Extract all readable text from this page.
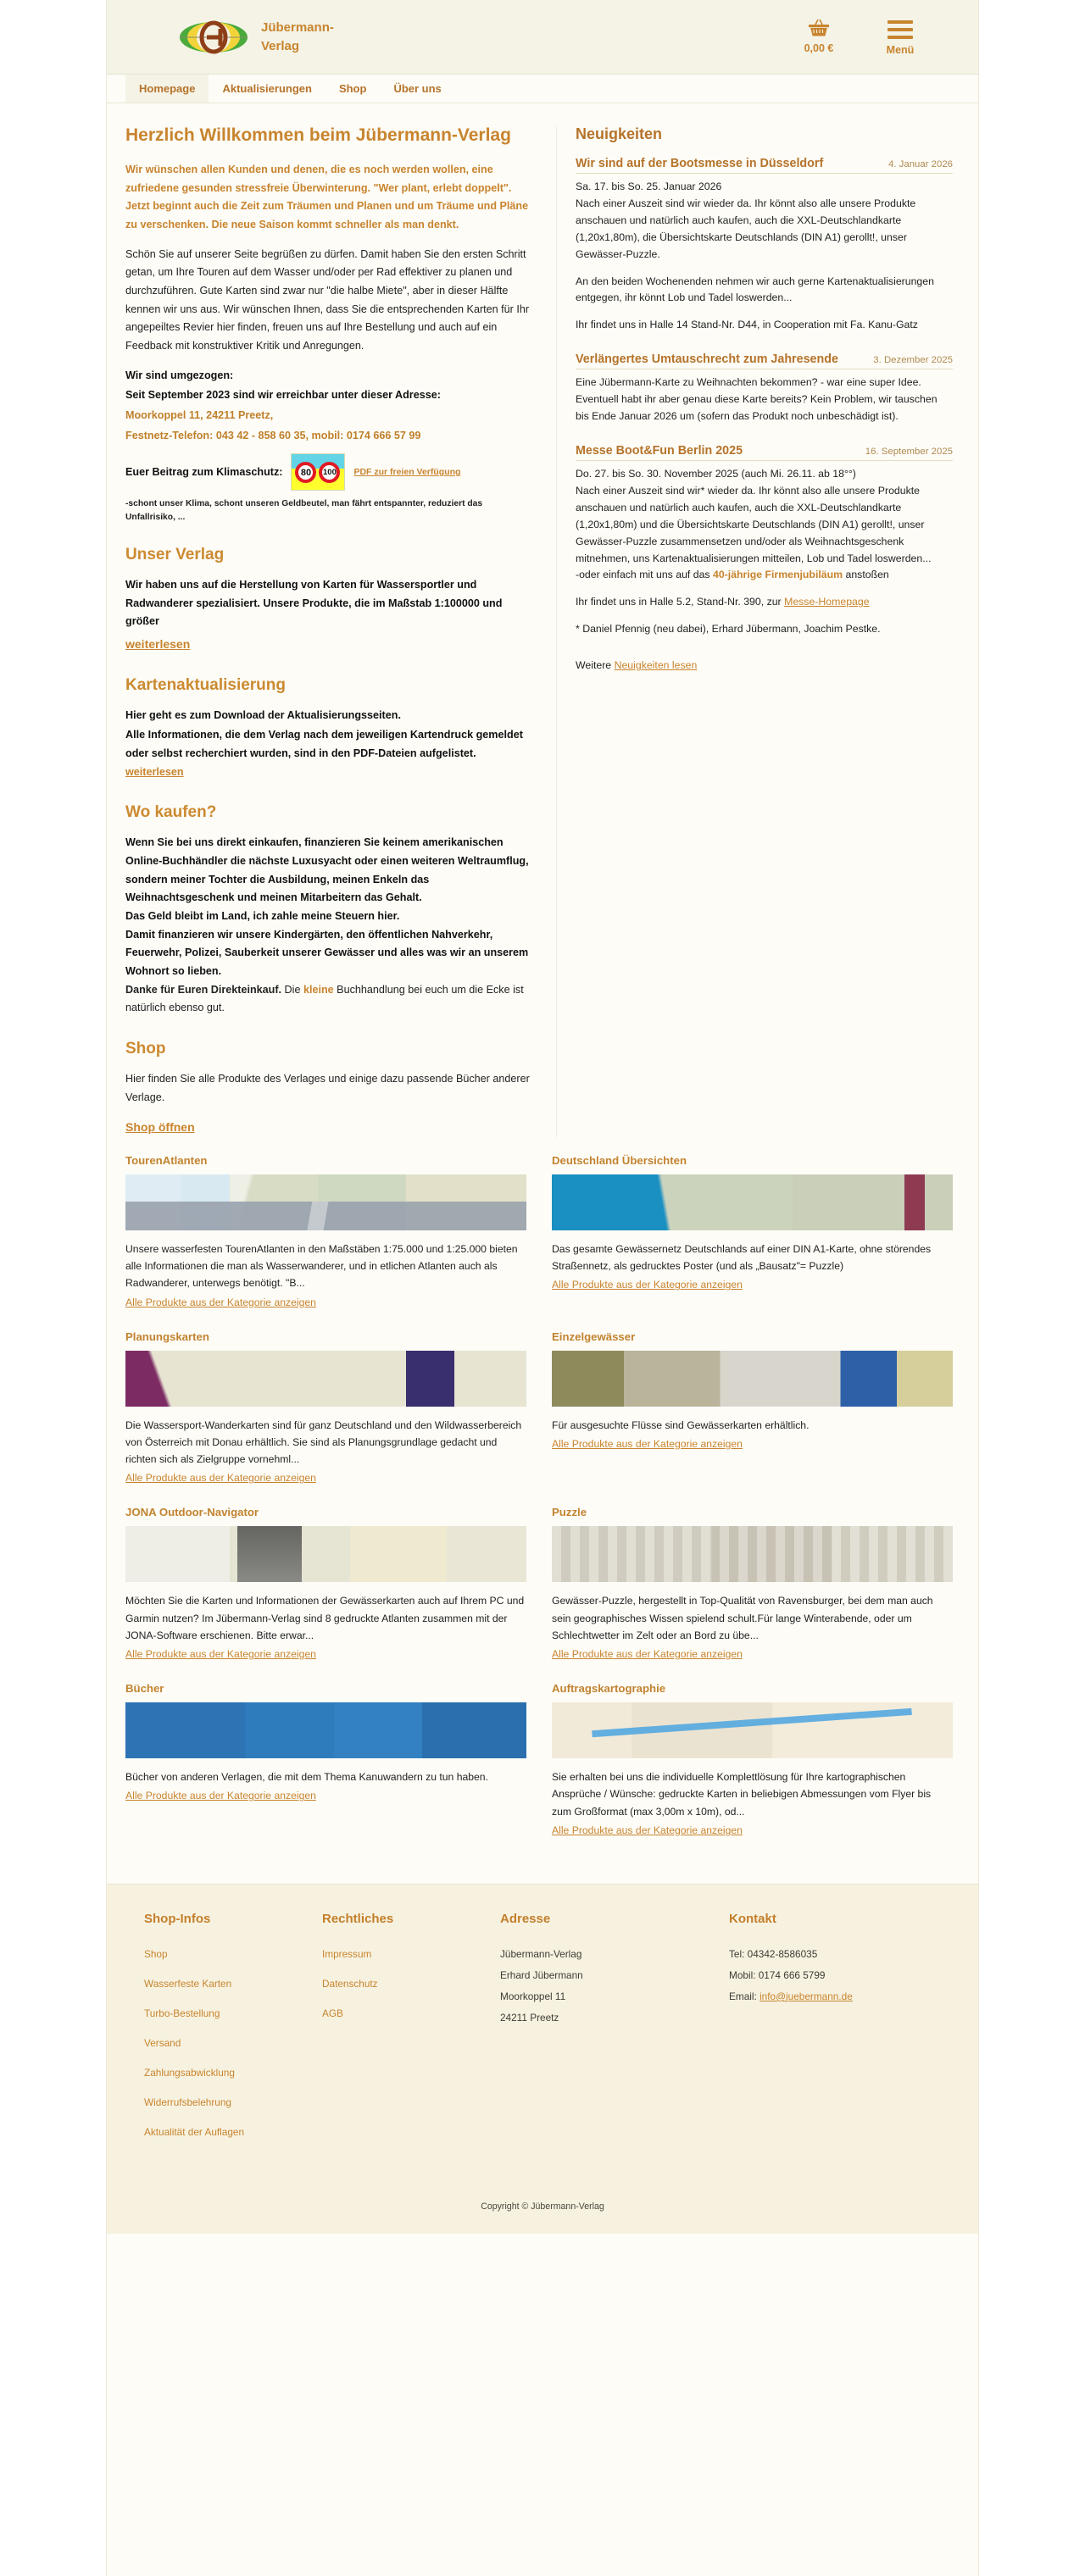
Jübermann-
Verlag	0,00 €	Menü
Homepage	Aktualisierungen	Shop	Über uns
Herzlich Willkommen beim Jübermann-Verlag

Wir wünschen allen Kunden und denen, die es noch werden wollen, eine zufriedene gesunden stressfreie Überwinterung. "Wer plant, erlebt doppelt". Jetzt beginnt auch die Zeit zum Träumen und Planen und um Träume und Pläne zu verschenken. Die neue Saison kommt schneller als man denkt.

Schön Sie auf unserer Seite begrüßen zu dürfen. Damit haben Sie den ersten Schritt getan, um Ihre Touren auf dem Wasser und/oder per Rad effektiver zu planen und durchzuführen. Gute Karten sind zwar nur "die halbe Miete", aber in dieser Hälfte kennen wir uns aus. Wir wünschen Ihnen, dass Sie die entsprechenden Karten für Ihr angepeiltes Revier hier finden, freuen uns auf Ihre Bestellung und auch auf ein Feedback mit konstruktiver Kritik und Anregungen.

Wir sind umgezogen:

Seit September 2023 sind wir erreichbar unter dieser Adresse:

Moorkoppel 11, 24211 Preetz,

Festnetz-Telefon: 043 42 - 858 60 35, mobil: 0174 666 57 99

Euer Beitrag zum Klimaschutz:	80	100	PDF zur freien Verfügung

-schont unser Klima, schont unseren Geldbeutel, man fährt entspannter, reduziert das Unfallrisiko, ...

Unser Verlag

Wir haben uns auf die Herstellung von Karten für Wassersportler und Radwanderer spezialisiert. Unsere Produkte, die im Maßstab 1:100000 und größer

weiterlesen

Kartenaktualisierung

Hier geht es zum Download der Aktualisierungsseiten.

Alle Informationen, die dem Verlag nach dem jeweiligen Kartendruck gemeldet oder selbst recherchiert wurden, sind in den PDF-Dateien aufgelistet. weiterlesen

Wo kaufen?

Wenn Sie bei uns direkt einkaufen, finanzieren Sie keinem amerikanischen Online-Buchhändler die nächste Luxusyacht oder einen weiteren Weltraumflug,

sondern meiner Tochter die Ausbildung, meinen Enkeln das Weihnachtsgeschenk und meinen Mitarbeitern das Gehalt.

Das Geld bleibt im Land, ich zahle meine Steuern hier.

Damit finanzieren wir unsere Kindergärten, den öffentlichen Nahverkehr, Feuerwehr, Polizei, Sauberkeit unserer Gewässer und alles was wir an unserem Wohnort so lieben.

Danke für Euren Direkteinkauf. Die kleine Buchhandlung bei euch um die Ecke ist natürlich ebenso gut.

Shop

Hier finden Sie alle Produkte des Verlages und einige dazu passende Bücher anderer Verlage.

Shop öffnen

Neuigkeiten
Wir sind auf der Bootsmesse in Düsseldorf	4. Januar 2026

Sa. 17. bis So. 25. Januar 2026

Nach einer Auszeit sind wir wieder da. Ihr könnt also alle unsere Produkte anschauen und natürlich auch kaufen, auch die XXL-Deutschlandkarte (1,20x1,80m), die Übersichtskarte Deutschlands (DIN A1) gerollt!, unser Gewässer-Puzzle.

An den beiden Wochenenden nehmen wir auch gerne Kartenaktualisierungen entgegen, ihr könnt Lob und Tadel loswerden...

Ihr findet uns in Halle 14 Stand-Nr. D44, in Cooperation mit Fa. Kanu-Gatz

Verlängertes Umtauschrecht zum Jahresende	3. Dezember 2025

Eine Jübermann-Karte zu Weihnachten bekommen? - war eine super Idee. Eventuell habt ihr aber genau diese Karte bereits? Kein Problem, wir tauschen bis Ende Januar 2026 um (sofern das Produkt noch unbeschädigt ist).

Messe Boot&Fun Berlin 2025	16. September 2025

Do. 27. bis So. 30. November 2025 (auch Mi. 26.11. ab 18°°)

Nach einer Auszeit sind wir* wieder da. Ihr könnt also alle unsere Produkte anschauen und natürlich auch kaufen, auch die XXL-Deutschlandkarte (1,20x1,80m) und die Übersichtskarte Deutschlands (DIN A1) gerollt!, unser Gewässer-Puzzle zusammensetzen und/oder als Weihnachtsgeschenk mitnehmen, uns Kartenaktualisierungen mitteilen, Lob und Tadel loswerden...

-oder einfach mit uns auf das 40-jährige Firmenjubiläum anstoßen

Ihr findet uns in Halle 5.2, Stand-Nr. 390, zur Messe-Homepage

* Daniel Pfennig (neu dabei), Erhard Jübermann, Joachim Pestke.

Weitere Neuigkeiten lesen

TourenAtlanten
Unsere wasserfesten TourenAtlanten in den Maßstäben 1:75.000 und 1:25.000 bieten alle Informationen die man als Wasserwanderer, und in etlichen Atlanten auch als Radwanderer, unterwegs benötigt. "B...
Alle Produkte aus der Kategorie anzeigen
Deutschland Übersichten
Das gesamte Gewässernetz Deutschlands auf einer DIN A1-Karte, ohne störendes Straßennetz, als gedrucktes Poster (und als „Bausatz"= Puzzle)
Alle Produkte aus der Kategorie anzeigen
Planungskarten
Die Wassersport-Wanderkarten sind für ganz Deutschland und den Wildwasserbereich von Österreich mit Donau erhältlich. Sie sind als Planungsgrundlage gedacht und richten sich als Zielgruppe vornehml...
Alle Produkte aus der Kategorie anzeigen
Einzelgewässer
Für ausgesuchte Flüsse sind Gewässerkarten erhältlich.
Alle Produkte aus der Kategorie anzeigen
JONA Outdoor-Navigator
Möchten Sie die Karten und Informationen der Gewässerkarten auch auf Ihrem PC und Garmin nutzen? Im Jübermann-Verlag sind 8 gedruckte Atlanten zusammen mit der JONA-Software erschienen. Bitte erwar...
Alle Produkte aus der Kategorie anzeigen
Puzzle
Gewässer-Puzzle, hergestellt in Top-Qualität von Ravensburger, bei dem man auch sein geographisches Wissen spielend schult.Für lange Winterabende, oder um Schlechtwetter im Zelt oder an Bord zu übe...
Alle Produkte aus der Kategorie anzeigen
Bücher
Bücher von anderen Verlagen, die mit dem Thema Kanuwandern zu tun haben.
Alle Produkte aus der Kategorie anzeigen
Auftragskartographie
Sie erhalten bei uns die individuelle Komplettlösung für Ihre kartographischen Ansprüche / Wünsche: gedruckte Karten in beliebigen Abmessungen vom Flyer bis zum Großformat (max 3,00m x 10m), od...
Alle Produkte aus der Kategorie anzeigen
Shop-Infos
Shop
Wasserfeste Karten
Turbo-Bestellung
Versand
Zahlungsabwicklung
Widerrufsbelehrung
Aktualität der Auflagen
Rechtliches
Impressum
Datenschutz
AGB
Adresse
Jübermann-Verlag
Erhard Jübermann
Moorkoppel 11
24211 Preetz
Kontakt
Tel: 04342-8586035
Mobil: 0174 666 5799
Email: info@juebermann.de
Copyright © Jübermann-Verlag
